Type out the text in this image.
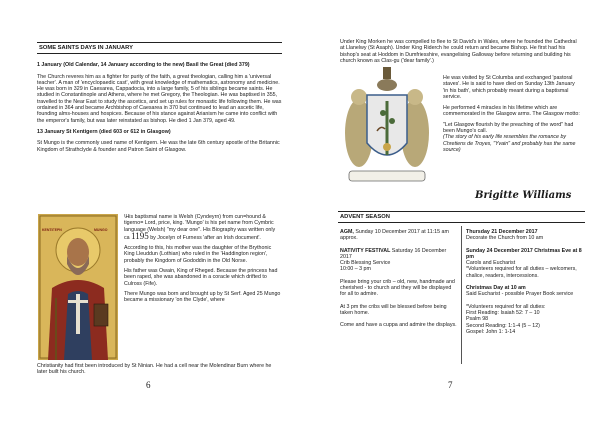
SOME SAINTS DAYS IN JANUARY

1 January (Old Calendar, 14 January according to the new) Basil the Great (died 379)

The Church reveres him as a fighter for purity of the faith, a great theologian, calling him a 'universal teacher'. A man of 'encyclopaedic cast', with great knowledge of mathematics, astronomy and medicine. He was born in 329 in Caesarea, Cappadocia, into a large family, 5 of his siblings became saints. He studied in Constantinople and Athens, where he met Gregory, the Theologian. He was baptised in 355, travelled to the Near East to study the ascetics, and set up rules for monastic life following them. He was ordained in 364 and became Archbishop of Caesarea in 370 but continued to lead an ascetic life, founding alms-houses and hospices. Because of his stance against Arianism he came into conflict with the emperor's family, but was later reinstated as bishop. He died 1 Jan 379, aged 49.

13 January St Kentigern (died 603 or 612 in Glasgow)

St Mungo is the commonly used name of Kentigern. He was the late 6th century apostle of the Britannic Kingdom of Strathclyde & founder and Patron Saint of Glasgow.

ΚΕΝΤΙΓΕΡΝ	MUNGO

\His baptismal name is Welsh (Cyndeyrn) from cun=hound & tigerno= Lord, price, king. 'Mungo' is his pet name from Cymbric language (Welsh) "my dear one". His Biography was written only ca 1195 by Jocelyn of Furness 'after an Irish document'.

According to this, his mother was the daughter of the Brythonic King Lleuddun (Lothian) who ruled in the 'Haddington region', probably the Kingdom of Gododdin in the Old Norse.

His father was Owain, King of Rheged. Because the princess had been raped, she was abandoned in a coracle which drifted to Culross (Fife).

There Mungo was born and brought up by St Serf. Aged 25 Mungo became a missionary 'on the Clyde', where

Christianity had first been introduced by St Ninian. He had a cell near the Molendinar Burn where he later built his church.
6
Under King Morken he was compelled to flee to St David's in Wales, where he founded the Cathedral at Llanelwy (St Asaph). Under King Riderch he could return and became Bishop. He first had his bishop's seat at Hoddom in Dumfriesshire, evangelising Galloway before returning and building his church known as Clas-gu ('dear family'.)

He was visited by St Columba and exchanged 'pastoral staves'. He is said to have died on Sunday 13th January 'in his bath', which probably meant during a baptismal service.

He performed 4 miracles in his lifetime which are commemorated in the Glasgow arms. The Glasgow motto:

"Let Glasgow flourish by the preaching of the word" had been Mungo's call.

(The story of his early life resembles the romance by Chretiens de Troyes, "Yvain" and probably has the same source)

Brigitte Williams
ADVENT SEASON

AGM, Sunday 10 December 2017 at 11:15 am approx.

NATIVITY FESTIVAL Saturday 16 December 2017
Crib Blessing Service
10:00 – 3 pm

Please bring your crib – old, new, handmade and cherished - to church and they will be displayed for all to admire.

At 3 pm the cribs will be blessed before being taken home.

Come and have a cuppa and admire the displays.

Thursday 21 December 2017
Decorate the Church from 10 am

Sunday 24 December 2017 Christmas Eve at 8 pm
Carols and Eucharist
*Volunteers required for all duties – welcomers, chalice, readers, intercessions.

Christmas Day at 10 am
Said Eucharist - possible Prayer Book service

*Volunteers required for all duties:
First Reading: Isaiah 52: 7 – 10
Psalm 98
Second Reading: 1:1-4 (5 – 12)
Gospel: John 1: 1-14

7
